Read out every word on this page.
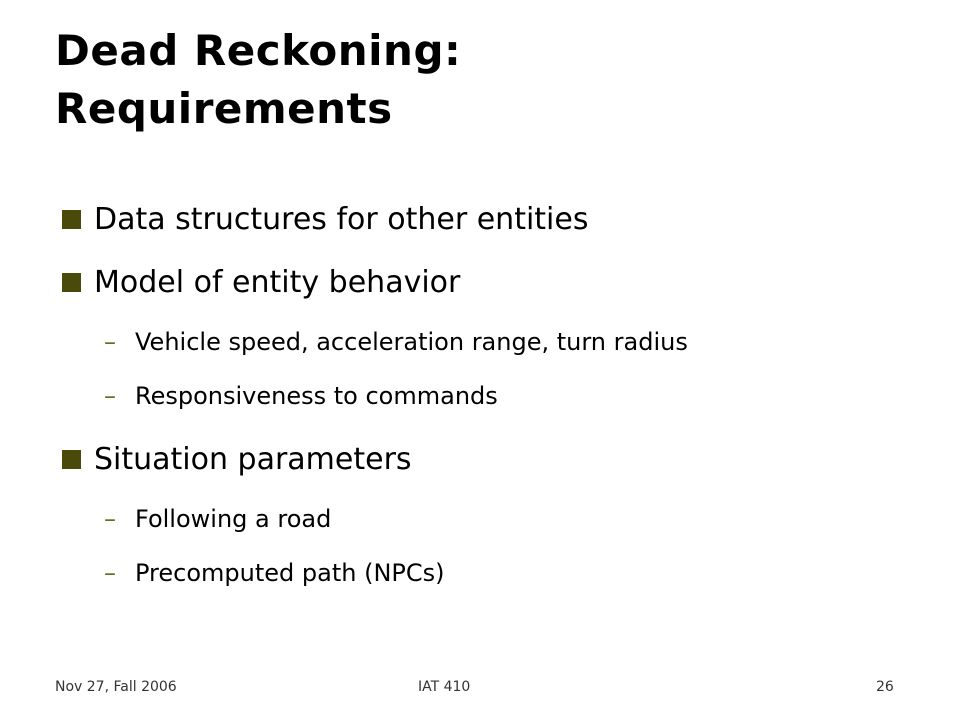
Dead Reckoning:
Requirements
Data structures for other entities
Model of entity behavior
– Vehicle speed, acceleration range, turn radius
– Responsiveness to commands
Situation parameters
– Following a road
– Precomputed path (NPCs)
Nov 27, Fall 2006	IAT 410	26
